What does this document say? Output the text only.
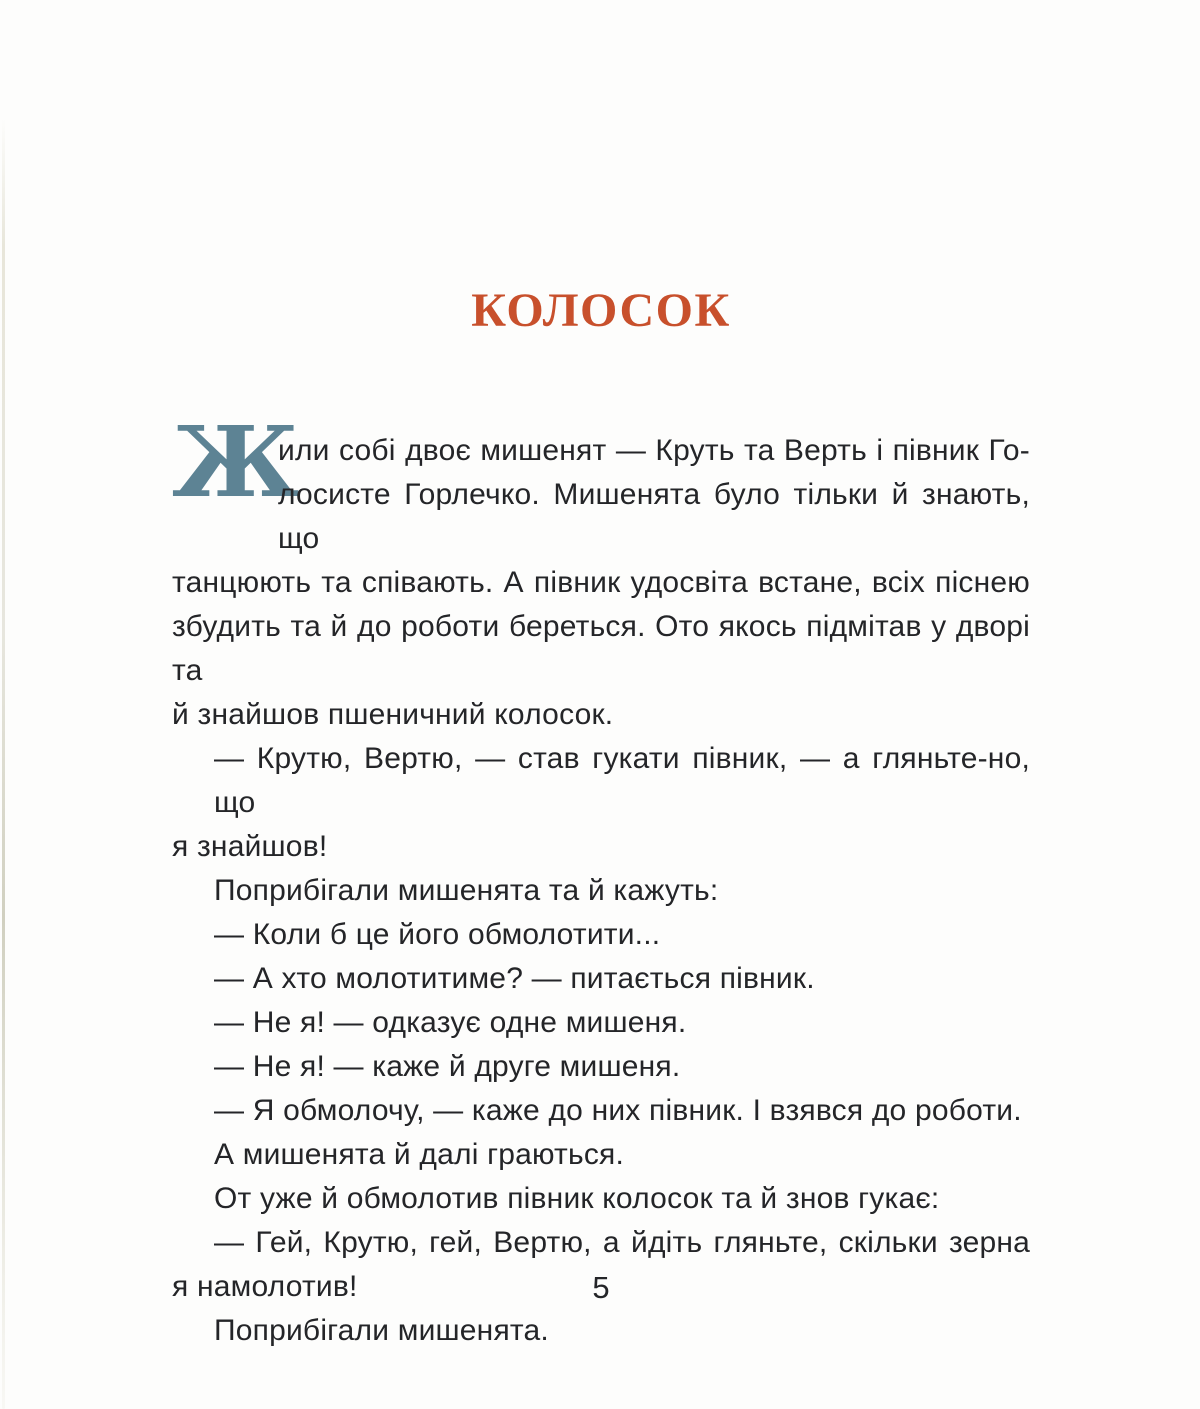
КОЛОСОК
Ж
или собі двоє мишенят — Круть та Верть і півник Го-
лосисте Горлечко. Мишенята було тільки й знають, що
танцюють та співають. А півник удосвіта встане, всіх піснею
збудить та й до роботи береться. Ото якось підмітав у дворі та
й знайшов пшеничний колосок.
— Крутю, Вертю, — став гукати півник, — а гляньте-но, що
я знайшов!
Поприбігали мишенята та й кажуть:
— Коли б це його обмолотити...
— А хто молотитиме? — питається півник.
— Не я! — одказує одне мишеня.
— Не я! — каже й друге мишеня.
— Я обмолочу, — каже до них півник. І взявся до роботи.
А мишенята й далі граються.
От уже й обмолотив півник колосок та й знов гукає:
— Гей, Крутю, гей, Вертю, а йдіть гляньте, скільки зерна
я намолотив!
Поприбігали мишенята.
5
